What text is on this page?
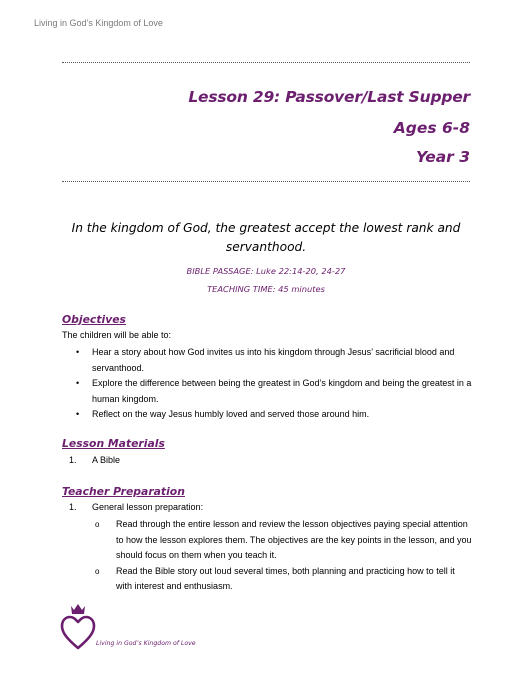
Living in God’s Kingdom of Love
Lesson 29: Passover/Last Supper
Ages 6-8
Year 3
In the kingdom of God, the greatest accept the lowest rank and servanthood.
BIBLE PASSAGE: Luke 22:14-20, 24-27
TEACHING TIME: 45 minutes
Objectives
The children will be able to:
• Hear a story about how God invites us into his kingdom through Jesus’ sacrificial blood and servanthood.
• Explore the difference between being the greatest in God’s kingdom and being the greatest in a human kingdom.
• Reflect on the way Jesus humbly loved and served those around him.
Lesson Materials
1. A Bible
Teacher Preparation
1. General lesson preparation:
o Read through the entire lesson and review the lesson objectives paying special attention to how the lesson explores them. The objectives are the key points in the lesson, and you should focus on them when you teach it.
o Read the Bible story out loud several times, both planning and practicing how to tell it with interest and enthusiasm.
Living in God’s Kingdom of Love
